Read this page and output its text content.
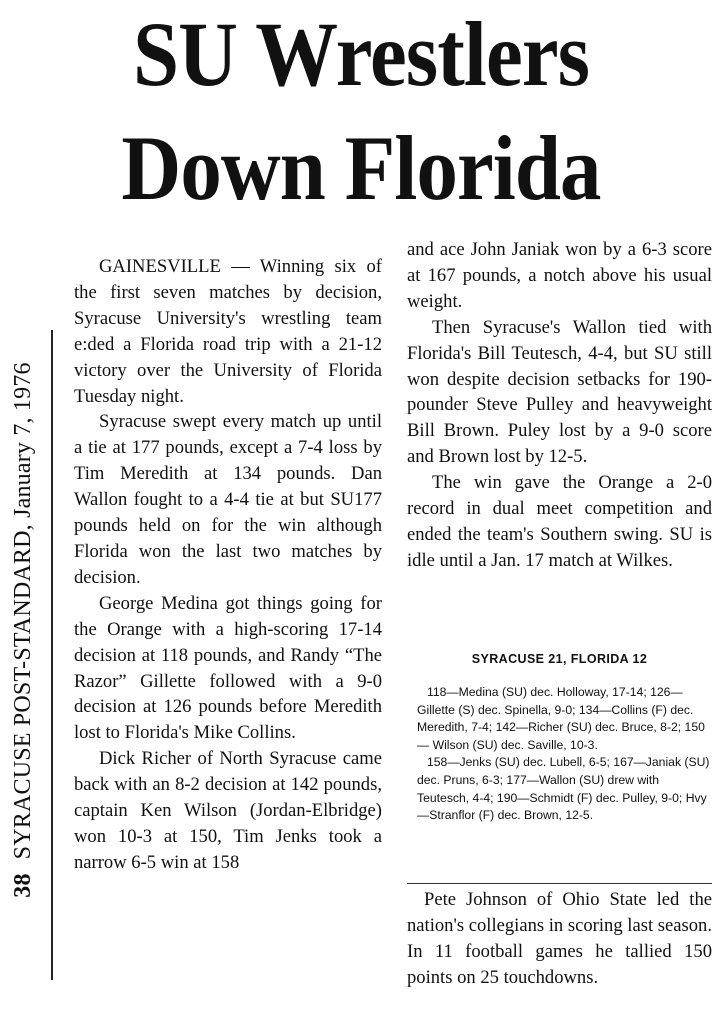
SU Wrestlers
Down Florida
38
SYRACUSE POST-STANDARD, January 7, 1976

GAINESVILLE — Winning six of the first seven matches by decision, Syracuse University's wrestling team e:ded a Florida road trip with a 21-12 victory over the University of Florida Tuesday night.

Syracuse swept every match up until a tie at 177 pounds, except a 7-4 loss by Tim Meredith at 134 pounds. Dan Wallon fought to a 4-4 tie at but SU177 pounds held on for the win although Florida won the last two matches by decision.

George Medina got things going for the Orange with a high-scoring 17-14 decision at 118 pounds, and Randy “The Razor” Gillette followed with a 9-0 decision at 126 pounds before Meredith lost to Florida's Mike Collins.

Dick Richer of North Syracuse came back with an 8-2 decision at 142 pounds, captain Ken Wilson (Jordan-Elbridge) won 10-3 at 150, Tim Jenks took a narrow 6-5 win at 158

and ace John Janiak won by a 6-3 score at 167 pounds, a notch above his usual weight.

Then Syracuse's Wallon tied with Florida's Bill Teutesch, 4-4, but SU still won despite decision setbacks for 190-pounder Steve Pulley and heavyweight Bill Brown. Puley lost by a 9-0 score and Brown lost by 12-5.

The win gave the Orange a 2-0 record in dual meet competition and ended the team's Southern swing. SU is idle until a Jan. 17 match at Wilkes.

SYRACUSE 21, FLORIDA 12

118—Medina (SU) dec. Holloway, 17-14; 126—Gillette (S) dec. Spinella, 9-0; 134—Collins (F) dec. Meredith, 7-4; 142—Richer (SU) dec. Bruce, 8-2; 150— Wilson (SU) dec. Saville, 10-3.

158—Jenks (SU) dec. Lubell, 6-5; 167—Janiak (SU) dec. Pruns, 6-3; 177—Wallon (SU) drew with Teutesch, 4-4; 190—Schmidt (F) dec. Pulley, 9-0; Hvy—Stranflor (F) dec. Brown, 12-5.

Pete Johnson of Ohio State led the nation's collegians in scoring last season. In 11 football games he tallied 150 points on 25 touchdowns.
